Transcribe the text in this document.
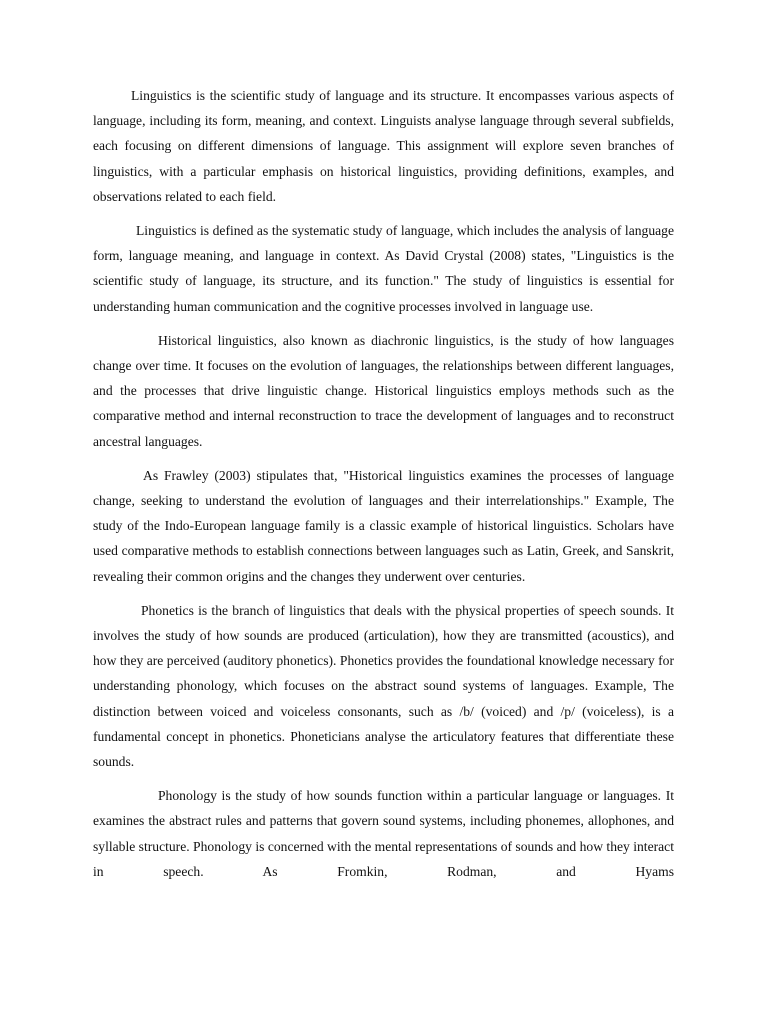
Linguistics is the scientific study of language and its structure. It encompasses various aspects of language, including its form, meaning, and context. Linguists analyse language through several subfields, each focusing on different dimensions of language. This assignment will explore seven branches of linguistics, with a particular emphasis on historical linguistics, providing definitions, examples, and observations related to each field.

Linguistics is defined as the systematic study of language, which includes the analysis of language form, language meaning, and language in context. As David Crystal (2008) states, "Linguistics is the scientific study of language, its structure, and its function." The study of linguistics is essential for understanding human communication and the cognitive processes involved in language use.

Historical linguistics, also known as diachronic linguistics, is the study of how languages change over time. It focuses on the evolution of languages, the relationships between different languages, and the processes that drive linguistic change. Historical linguistics employs methods such as the comparative method and internal reconstruction to trace the development of languages and to reconstruct ancestral languages.

As Frawley (2003) stipulates that, "Historical linguistics examines the processes of language change, seeking to understand the evolution of languages and their interrelationships." Example, The study of the Indo-European language family is a classic example of historical linguistics. Scholars have used comparative methods to establish connections between languages such as Latin, Greek, and Sanskrit, revealing their common origins and the changes they underwent over centuries.

Phonetics is the branch of linguistics that deals with the physical properties of speech sounds. It involves the study of how sounds are produced (articulation), how they are transmitted (acoustics), and how they are perceived (auditory phonetics). Phonetics provides the foundational knowledge necessary for understanding phonology, which focuses on the abstract sound systems of languages. Example, The distinction between voiced and voiceless consonants, such as /b/ (voiced) and /p/ (voiceless), is a fundamental concept in phonetics. Phoneticians analyse the articulatory features that differentiate these sounds.

Phonology is the study of how sounds function within a particular language or languages. It examines the abstract rules and patterns that govern sound systems, including phonemes, allophones, and syllable structure. Phonology is concerned with the mental representations of sounds and how they interact in speech. As Fromkin, Rodman, and Hyams
